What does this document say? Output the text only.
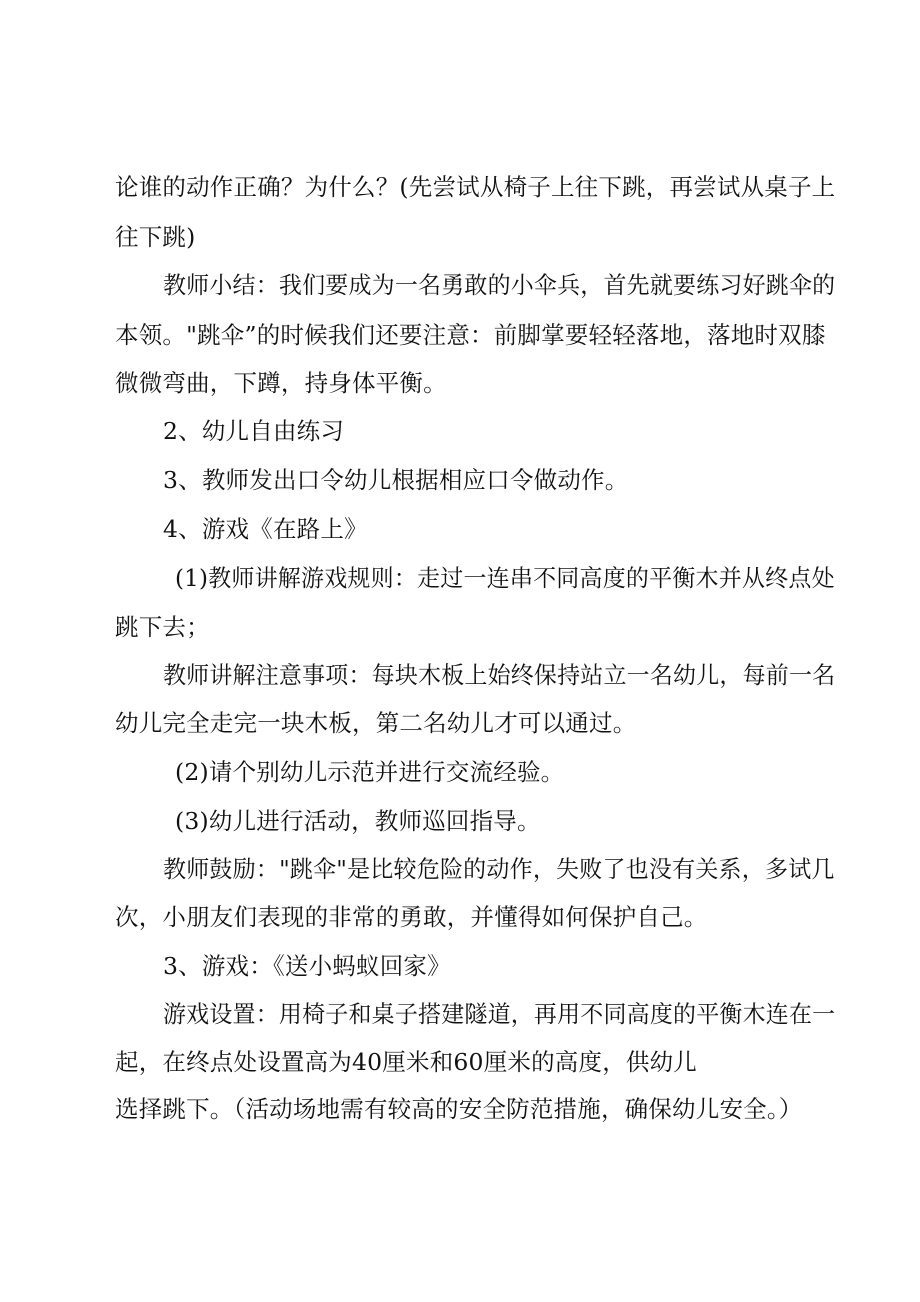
论谁的动作正确？为什么？(先尝试从椅子上往下跳，再尝试从桌子上
往下跳)
教师小结：我们要成为一名勇敢的小伞兵，首先就要练习好跳伞的
本领。"跳伞”的时候我们还要注意：前脚掌要轻轻落地，落地时双膝
微微弯曲，下蹲，持身体平衡。
2、幼儿自由练习
3、教师发出口令幼儿根据相应口令做动作。
4、游戏《在路上》
(1)教师讲解游戏规则：走过一连串不同高度的平衡木并从终点处
跳下去；
教师讲解注意事项：每块木板上始终保持站立一名幼儿，每前一名
幼儿完全走完一块木板，第二名幼儿才可以通过。
(2)请个别幼儿示范并进行交流经验。
(3)幼儿进行活动，教师巡回指导。
教师鼓励："跳伞"是比较危险的动作，失败了也没有关系，多试几
次，小朋友们表现的非常的勇敢，并懂得如何保护自己。
3、游戏：《送小蚂蚁回家》
游戏设置：用椅子和桌子搭建隧道，再用不同高度的平衡木连在一
起，在终点处设置高为40厘米和60厘米的高度，供幼儿
选择跳下。（活动场地需有较高的安全防范措施，确保幼儿安全。）
